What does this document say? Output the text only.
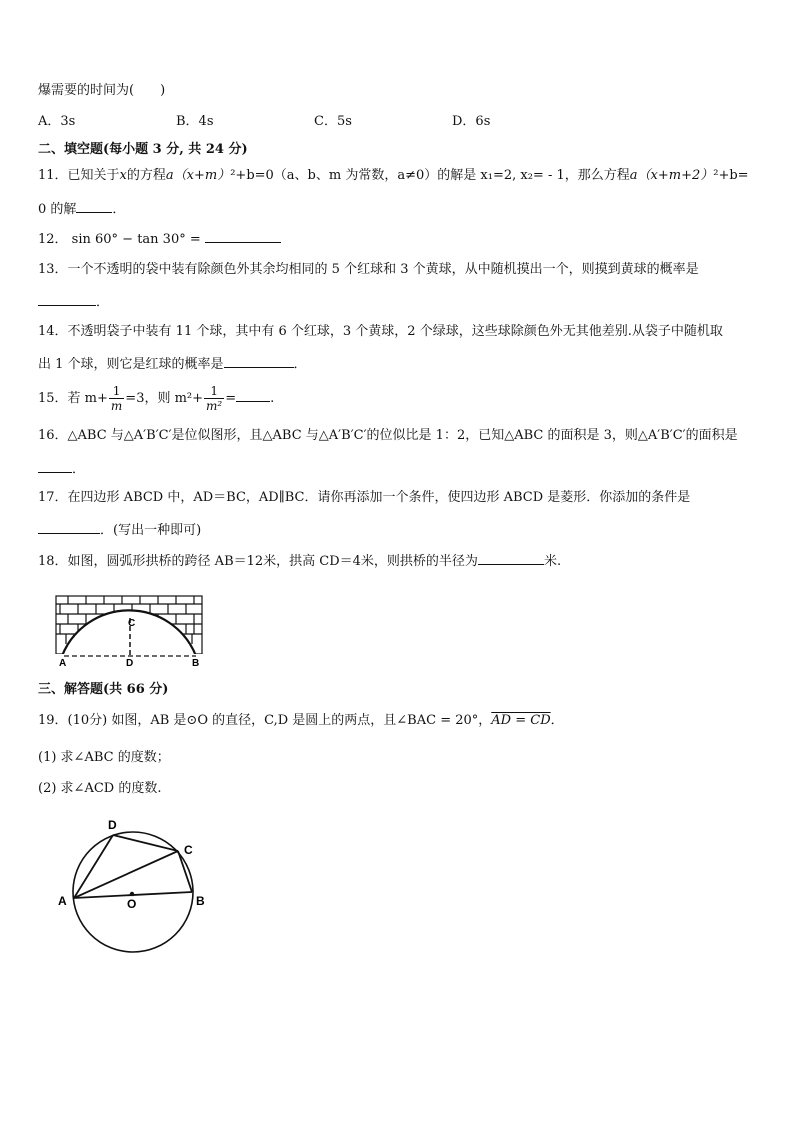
爆需要的时间为(　　)
A．3s	B．4s	C．5s	D．6s
二、填空题(每小题 3 分, 共 24 分)
11．已知关于x的方程a（x+m）²+b=0（a、b、m 为常数，a≠0）的解是 x₁=2, x₂= - 1，那么方程a（x+m+2）²+b=
0 的解	．
12． sin 60° − tan 30° =
13．一个不透明的袋中装有除颜色外其余均相同的 5 个红球和 3 个黄球，从中随机摸出一个，则摸到黄球的概率是
．
14．不透明袋子中装有 11 个球，其中有 6 个红球，3 个黄球，2 个绿球，这些球除颜色外无其他差别.从袋子中随机取
出 1 个球，则它是红球的概率是	．
15．若 $m+ \frac{1}{m} =3$，则 $m^2+ \frac{1}{\text{m²}}$ =	.
16．△ABC 与△A′B′C′是位似图形，且△ABC 与△A′B′C′的位似比是 1：2，已知△ABC 的面积是 3，则△A′B′C′的面积是
．
17．在四边形 ABCD 中，AD＝BC，AD∥BC．请你再添加一个条件，使四边形 ABCD 是菱形．你添加的条件是
．(写出一种即可)
18．如图，圆弧形拱桥的跨径 AB＝12米，拱高 CD＝4米，则拱桥的半径为	米.
A	B
C
D
三、解答题(共 66 分)
19．(10分) 如图，AB 是⊙O 的直径，C,D 是圆上的两点，且∠BAC = 20°，AD = CD．
(1) 求∠ABC 的度数；
(2) 求∠ACD 的度数.
A	B
C
D
O
